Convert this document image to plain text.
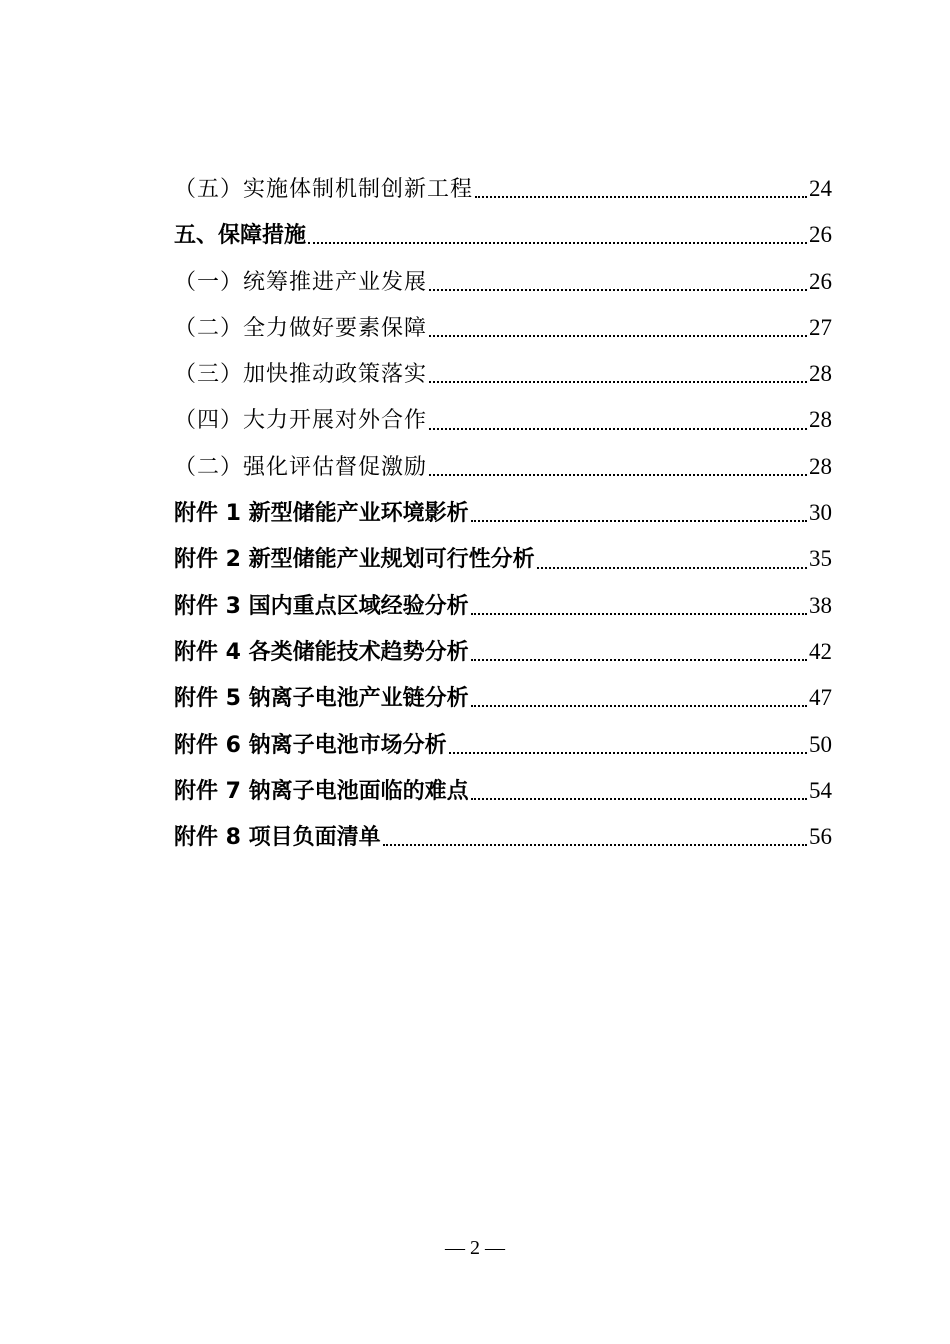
（五）实施体制机制创新工程	24
五、保障措施	26
（一）统筹推进产业发展	26
（二）全力做好要素保障	27
（三）加快推动政策落实	28
（四）大力开展对外合作	28
（二）强化评估督促激励	28
附件 1 新型储能产业环境影析	30
附件 2 新型储能产业规划可行性分析	35
附件 3 国内重点区域经验分析	38
附件 4 各类储能技术趋势分析	42
附件 5 钠离子电池产业链分析	47
附件 6 钠离子电池市场分析	50
附件 7 钠离子电池面临的难点	54
附件 8 项目负面清单	56
— 2 —
